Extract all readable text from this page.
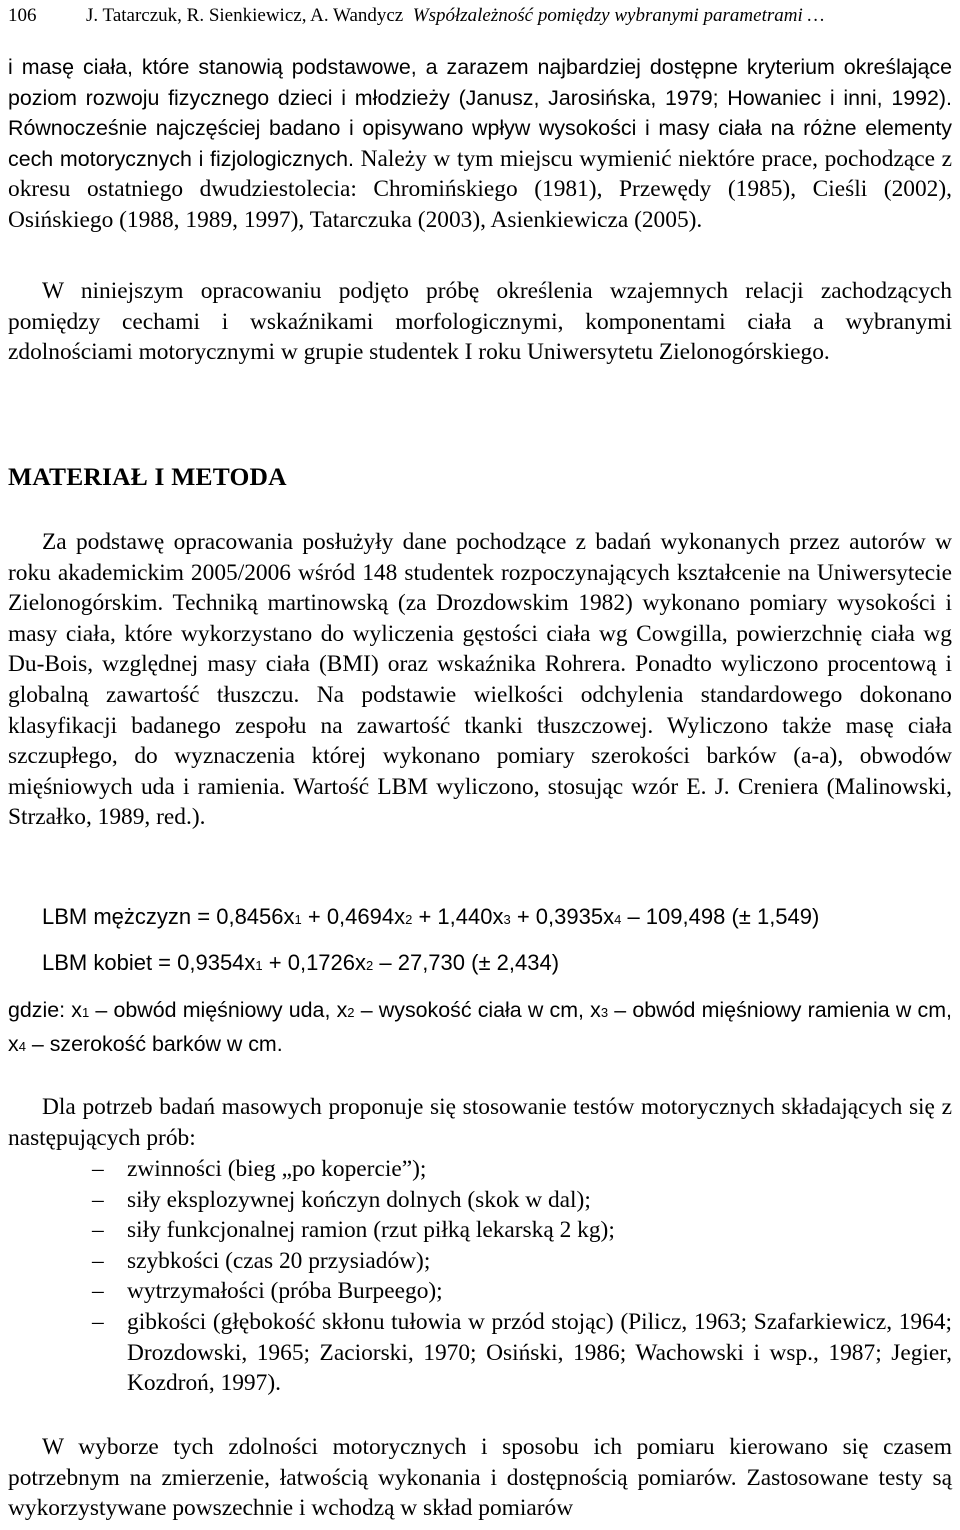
106	J. Tatarczuk, R. Sienkiewicz, A. Wandycz Współzależność pomiędzy wybranymi parametrami …

i masę ciała, które stanowią podstawowe, a zarazem najbardziej dostępne kryterium określające poziom rozwoju fizycznego dzieci i młodzieży (Janusz, Jarosińska, 1979; Howaniec i inni, 1992). Równocześnie najczęściej badano i opisywano wpływ wysokości i masy ciała na różne elementy cech motorycznych i fizjologicznych. Należy w tym miejscu wymienić niektóre prace, pochodzące z okresu ostatniego dwudziestolecia: Chromińskiego (1981), Przewędy (1985), Cieśli (2002), Osińskiego (1988, 1989, 1997), Tatarczuka (2003), Asienkiewicza (2005).

W niniejszym opracowaniu podjęto próbę określenia wzajemnych relacji zachodzących pomiędzy cechami i wskaźnikami morfologicznymi, komponentami ciała a wybranymi zdolnościami motorycznymi w grupie studentek I roku Uniwersytetu Zielonogórskiego.

MATERIAŁ I METODA

Za podstawę opracowania posłużyły dane pochodzące z badań wykonanych przez autorów w roku akademickim 2005/2006 wśród 148 studentek rozpoczynających kształcenie na Uniwersytecie Zielonogórskim. Techniką martinowską (za Drozdowskim 1982) wykonano pomiary wysokości i masy ciała, które wykorzystano do wyliczenia gęstości ciała wg Cowgilla, powierzchnię ciała wg Du-Bois, względnej masy ciała (BMI) oraz wskaźnika Rohrera. Ponadto wyliczono procentową i globalną zawartość tłuszczu. Na podstawie wielkości odchylenia standardowego dokonano klasyfikacji badanego zespołu na zawartość tkanki tłuszczowej. Wyliczono także masę ciała szczupłego, do wyznaczenia której wykonano pomiary szerokości barków (a-a), obwodów mięśniowych uda i ramienia. Wartość LBM wyliczono, stosując wzór E. J. Creniera (Malinowski, Strzałko, 1989, red.).

LBM mężczyzn = 0,8456x1 + 0,4694x2 + 1,440x3 + 0,3935x4 – 109,498 (± 1,549)
LBM kobiet = 0,9354x1 + 0,1726x2 – 27,730 (± 2,434)

gdzie: x1 – obwód mięśniowy uda, x2 – wysokość ciała w cm, x3 – obwód mięśniowy ramienia w cm, x4 – szerokość barków w cm.

Dla potrzeb badań masowych proponuje się stosowanie testów motorycznych składających się z następujących prób:

– zwinności (bieg „po kopercie”);
– siły eksplozywnej kończyn dolnych (skok w dal);
– siły funkcjonalnej ramion (rzut piłką lekarską 2 kg);
– szybkości (czas 20 przysiadów);
– wytrzymałości (próba Burpeego);
– gibkości (głębokość skłonu tułowia w przód stojąc) (Pilicz, 1963; Szafarkiewicz, 1964; Drozdowski, 1965; Zaciorski, 1970; Osiński, 1986; Wachowski i wsp., 1987; Jegier, Kozdroń, 1997).

W wyborze tych zdolności motorycznych i sposobu ich pomiaru kierowano się czasem potrzebnym na zmierzenie, łatwością wykonania i dostępnością pomiarów. Zastosowane testy są wykorzystywane powszechnie i wchodzą w skład pomiarów
